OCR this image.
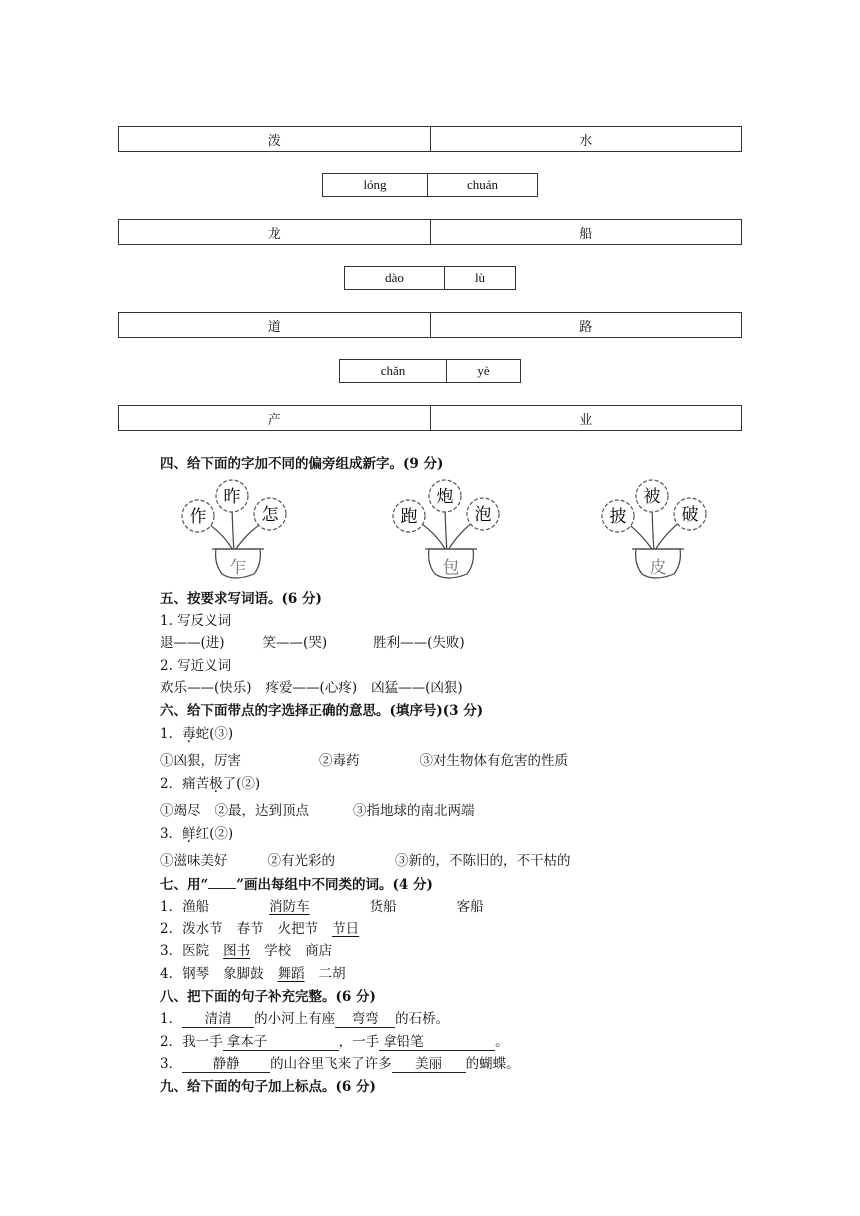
泼	水
lóng	chuán
龙	船
dào	lù
道	路
chǎn	yè
产	业
四、给下面的字加不同的偏旁组成新字。(9 分)
作
昨
怎
乍
跑
炮
泡
包
披
被
破
皮
五、按要求写词语。(6 分)
1. 写反义词
退——(进)	笑——(哭)	胜利——(失败)
2. 写近义词
欢乐——(快乐) 疼爱——(心疼) 凶猛——(凶狠)
六、给下面带点的字选择正确的意思。(填序号)(3 分)
1．毒蛇(③)
①凶狠，厉害	②毒药	③对生物体有危害的性质
2．痛苦极了(②)
①竭尽 ②最，达到顶点	③指地球的南北两端
3．鲜红(②)
①滋味美好	②有光彩的	③新的，不陈旧的，不干枯的
七、用“ ”画出每组中不同类的词。(4 分)
1．渔船	消防车	货船	客船
2．泼水节 春节 火把节 节日
3．医院 图书 学校 商店
4．钢琴 象脚鼓 舞蹈 二胡
八、把下面的句子补充完整。(6 分)
1． 清清 的小河上有座 弯弯 的石桥。
2．我一手 拿本子	，一手 拿铅笔	。
3． 静静 的山谷里飞来了许多 美丽 的蝴蝶。
九、给下面的句子加上标点。(6 分)
